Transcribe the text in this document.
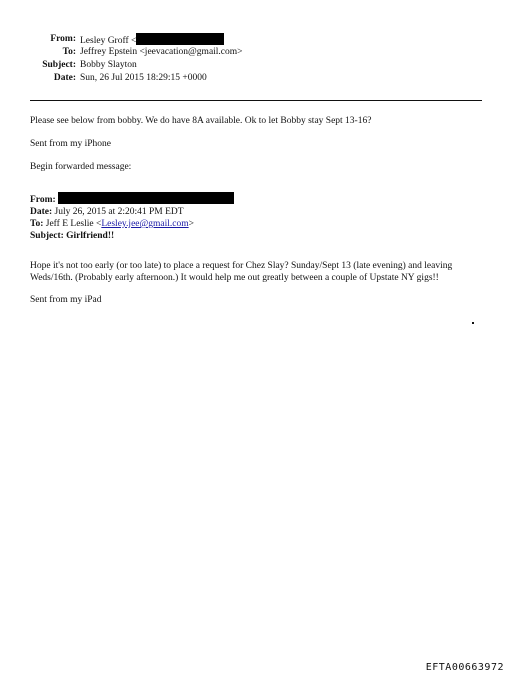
From: Lesley Groff <
To: Jeffrey Epstein <jeevacation@gmail.com>
Subject: Bobby Slayton
Date: Sun, 26 Jul 2015 18:29:15 +0000
Please see below from bobby. We do have 8A available. Ok to let Bobby stay Sept 13-16?
Sent from my iPhone
Begin forwarded message:
From:
Date: July 26, 2015 at 2:20:41 PM EDT
To: Jeff E Leslie <Lesley.jee@gmail.com>
Subject: Girlfriend!!
Hope it's not too early (or too late) to place a request for Chez Slay? Sunday/Sept 13 (late evening) and leaving Weds/16th. (Probably early afternoon.) It would help me out greatly between a couple of Upstate NY gigs!!
Sent from my iPad
EFTA00663972
